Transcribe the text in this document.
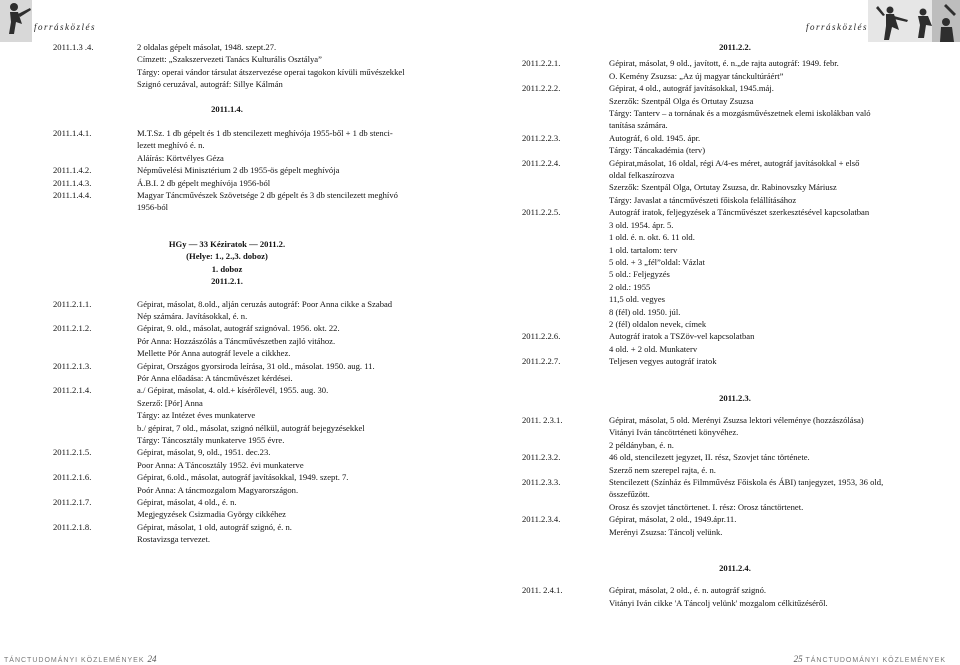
forrásközlés
2011.1.3 .4.	2 oldalas gépelt másolat, 1948. szept.27.
Címzett: „Szakszervezeti Tanács Kulturális Osztálya”
Tárgy: operai vándor társulat átszervezése operai tagokon kívüli művészekkel
Szignó ceruzával, autográf: Sillye Kálmán
2011.1.4.
2011.1.4.1.	M.T.Sz. 1 db gépelt és 1 db stencilezett meghívója 1955-ből + 1 db stenci-
lezett meghívó é. n.
Aláírás: Körtvélyes Géza
2011.1.4.2.	Népművelési Minisztérium 2 db 1955-ös gépelt meghívója
2011.1.4.3.	Á.B.I. 2 db gépelt meghívója 1956-ból
2011.1.4.4.	Magyar Táncművészek Szövetsége 2 db gépelt és 3 db stencilezett meghívó
1956-ból
HGy — 33 Kéziratok — 2011.2.
(Helye: 1., 2.,3. doboz)
1. doboz
2011.2.1.
2011.2.1.1.	Gépirat, másolat, 8.old., alján ceruzás autográf: Poor Anna cikke a Szabad
Nép számára. Javításokkal, é. n.
2011.2.1.2.	Gépirat, 9. old., másolat, autográf szignóval. 1956. okt. 22.
Pór Anna: Hozzászólás a Táncművészetben zajló vitához.
Mellette Pór Anna autográf levele a cikkhez.
2011.2.1.3.	Gépirat, Országos gyorsiroda leírása, 31 old., másolat. 1950. aug. 11.
Pór Anna előadása: A táncművészet kérdései.
2011.2.1.4.	a./ Gépirat, másolat, 4. old.+ kísérőlevél, 1955. aug. 30.
Szerző: [Pór] Anna
Tárgy: az Intézet éves munkaterve
b./ gépirat, 7 old., másolat, szignó nélkül, autográf bejegyzésekkel
Tárgy: Táncosztály munkaterve 1955 évre.
2011.2.1.5.	Gépirat, másolat, 9, old., 1951. dec.23.
Poor Anna: A Táncosztály 1952. évi munkaterve
2011.2.1.6.	Gépirat, 6.old., másolat, autográf javításokkal, 1949. szept. 7.
Poór Anna: A táncmozgalom Magyarországon.
2011.2.1.7.	Gépirat, másolat, 4 old., é. n.
Megjegyzések Csizmadia György cikkéhez
2011.2.1.8.	Gépirat, másolat, 1 old, autográf szignó, é. n.
Rostavizsga tervezet.
TÁNCTUDOMÁNYI KÖZLEMÉNYEK 24
forrásközlés
2011.2.2.
2011.2.2.1.	Gépirat, másolat, 9 old., javított, é. n.„de rajta autográf: 1949. febr.
O. Kemény Zsuzsa: „Az új magyar tánckultúráért”
2011.2.2.2.	Gépirat, 4 old., autográf javításokkal, 1945.máj.
Szerzők: Szentpál Olga és Ortutay Zsuzsa
Tárgy: Tanterv – a tornának és a mozgásművészetnek elemi iskolákban való
tanításа számára.
2011.2.2.3.	Autográf, 6 old. 1945. ápr.
Tárgy: Táncakadémia (terv)
2011.2.2.4.	Gépirat,másolat, 16 oldal, régi A/4-es méret, autográf javításokkal + első
oldal felkaszírozva
Szerzők: Szentpál Olga, Ortutay Zsuzsa, dr. Rabinovszky Máriusz
Tárgy: Javaslat a táncművészeti főiskola felállításához
2011.2.2.5.	Autográf iratok, feljegyzések a Táncművészet szerkesztésével kapcsolatban
3 old. 1954. ápr. 5.
1 old. é. n. okt. 6. 11 old.
1 old. tartalom: terv
5 old. + 3 „fél”oldal: Vázlat
5 old.: Feljegyzés
2 old.: 1955
11,5 old. vegyes
8 (fél) old. 1950. júl.
2 (fél) oldalon nevek, címek
2011.2.2.6.	Autográf iratok a TSZöv-vel kapcsolatban
4 old. + 2 old. Munkaterv
2011.2.2.7.	Teljesen vegyes autográf iratok
2011.2.3.
2011. 2.3.1.	Gépirat, másolat, 5 old. Merényi Zsuzsa lektori véleménye (hozzászólása)
Vitányi Iván táncötrténeti könyvéhez.
2 példányban, é. n.
2011.2.3.2.	46 old, stencilezett jegyzet, II. rész, Szovjet tánc története.
Szerző nem szerepel rajta, é. n.
2011.2.3.3.	Stencilezett (Színház és Filmművész Főiskola és ÁBI) tanjegyzet, 1953, 36 old,
összefűzött.
Orosz és szovjet tánctörtenet. I. rész: Orosz tánctörtenet.
2011.2.3.4.	Gépirat, másolat, 2 old., 1949.ápr.11.
Merényi Zsuzsa: Táncolj velünk.
2011.2.4.
2011. 2.4.1.	Gépirat, másolat, 2 old., é. n. autográf szignó.
Vitányi Iván cikke 'A Táncolj velünk' mozgalom célkitűzéséről.
25 TÁNCTUDOMÁNYI KÖZLEMÉNYEK
